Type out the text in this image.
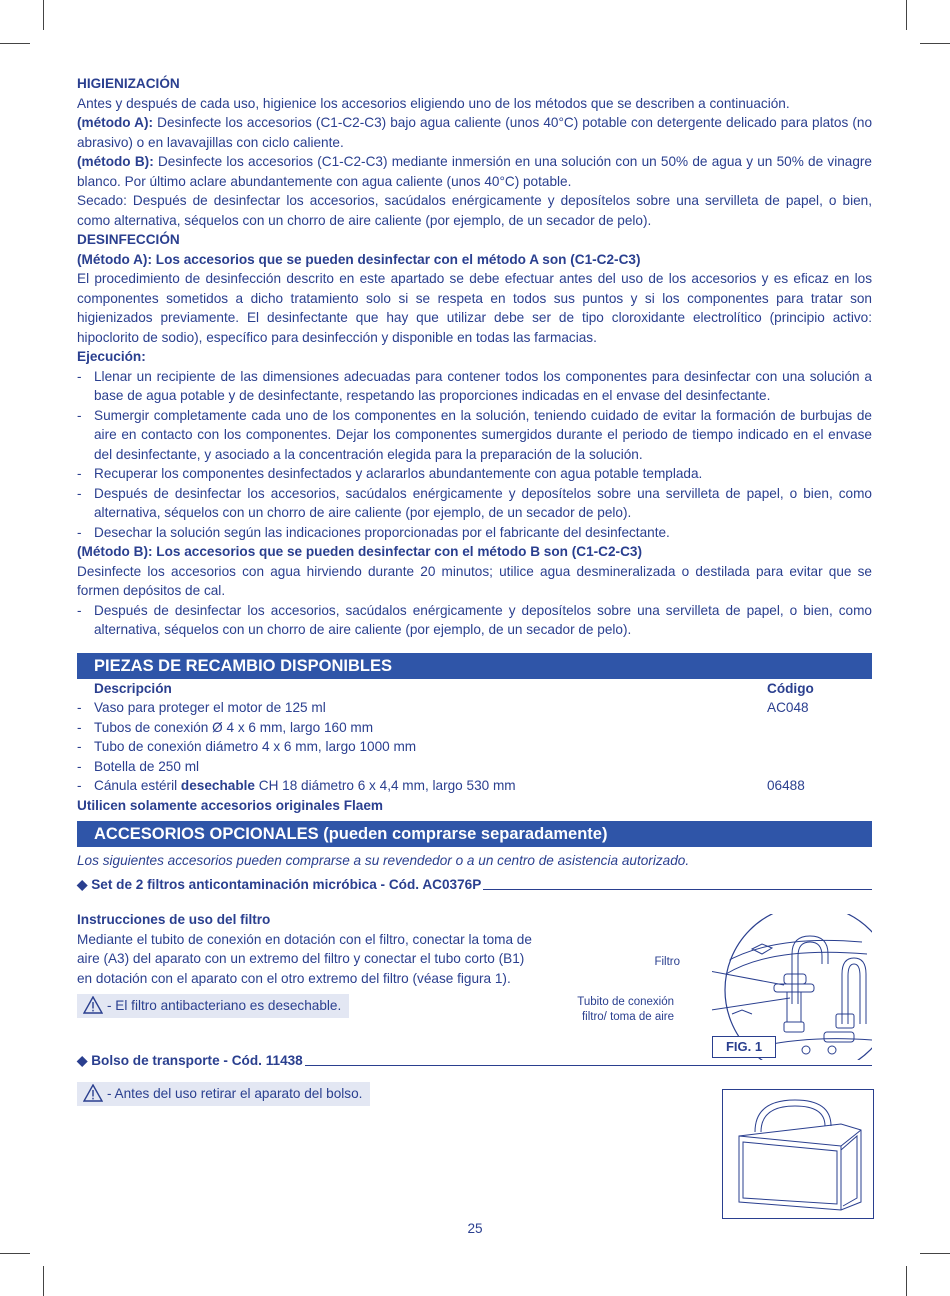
HIGIENIZACIÓN

Antes y después de cada uso, higienice los accesorios eligiendo uno de los métodos que se describen a continuación.

(método A): Desinfecte los accesorios (C1-C2-C3) bajo agua caliente (unos 40°C) potable con detergente delicado para platos (no abrasivo) o en lavavajillas con ciclo caliente.

(método B): Desinfecte los accesorios (C1-C2-C3) mediante inmersión en una solución con un 50% de agua y un 50% de vinagre blanco. Por último aclare abundantemente con agua caliente (unos 40°C) potable.

Secado: Después de desinfectar los accesorios, sacúdalos enérgicamente y deposítelos sobre una servilleta de papel, o bien, como alternativa, séquelos con un chorro de aire caliente (por ejemplo, de un secador de pelo).

DESINFECCIÓN

(Método A): Los accesorios que se pueden desinfectar con el método A son (C1-C2-C3)

El procedimiento de desinfección descrito en este apartado se debe efectuar antes del uso de los accesorios y es eficaz en los componentes sometidos a dicho tratamiento solo si se respeta en todos sus puntos y si los componentes para tratar son higienizados previamente. El desinfectante que hay que utilizar debe ser de tipo cloroxidante electrolítico (principio activo: hipoclorito de sodio), específico para desinfección y disponible en todas las farmacias.

Ejecución:

- Llenar un recipiente de las dimensiones adecuadas para contener todos los componentes para desinfectar con una solución a base de agua potable y de desinfectante, respetando las proporciones indicadas en el envase del desinfectante.
- Sumergir completamente cada uno de los componentes en la solución, teniendo cuidado de evitar la formación de burbujas de aire en contacto con los componentes. Dejar los componentes sumergidos durante el periodo de tiempo indicado en el envase del desinfectante, y asociado a la concentración elegida para la preparación de la solución.
- Recuperar los componentes desinfectados y aclararlos abundantemente con agua potable templada.
- Después de desinfectar los accesorios, sacúdalos enérgicamente y deposítelos sobre una servilleta de papel, o bien, como alternativa, séquelos con un chorro de aire caliente (por ejemplo, de un secador de pelo).
- Desechar la solución según las indicaciones proporcionadas por el fabricante del desinfectante.

(Método B): Los accesorios que se pueden desinfectar con el método B son (C1-C2-C3)

Desinfecte los accesorios con agua hirviendo durante 20 minutos; utilice agua desmineralizada o destilada para evitar que se formen depósitos de cal.

- Después de desinfectar los accesorios, sacúdalos enérgicamente y deposítelos sobre una servilleta de papel, o bien, como alternativa, séquelos con un chorro de aire caliente (por ejemplo, de un secador de pelo).
PIEZAS DE RECAMBIO DISPONIBLES
Descripción	Código
- Vaso para proteger el motor de 125 ml	AC048
- Tubos de conexión Ø 4 x 6 mm, largo 160 mm
- Tubo de conexión diámetro 4 x 6 mm, largo 1000 mm
- Botella de 250 ml
- Cánula estéril desechable CH 18 diámetro 6 x 4,4 mm, largo 530 mm	06488

Utilicen solamente accesorios originales Flaem

ACCESORIOS OPCIONALES (pueden comprarse separadamente)

Los siguientes accesorios pueden comprarse a su revendedor o a un centro de asistencia autorizado.

◆ Set de 2 filtros anticontaminación micróbica - Cód. AC0376P

Instrucciones de uso del filtro

Mediante el tubito de conexión en dotación con el filtro, conectar la toma de aire (A3) del aparato con un extremo del filtro y conectar el tubo corto (B1) en dotación con el aparato con el otro extremo del filtro (véase figura 1).

- El filtro antibacteriano es desechable.
◆ Bolso de transporte - Cód. 11438
- Antes del uso retirar el aparato del bolso.
Filtro
Tubito de conexión
filtro/ toma de aire
FIG. 1
25
